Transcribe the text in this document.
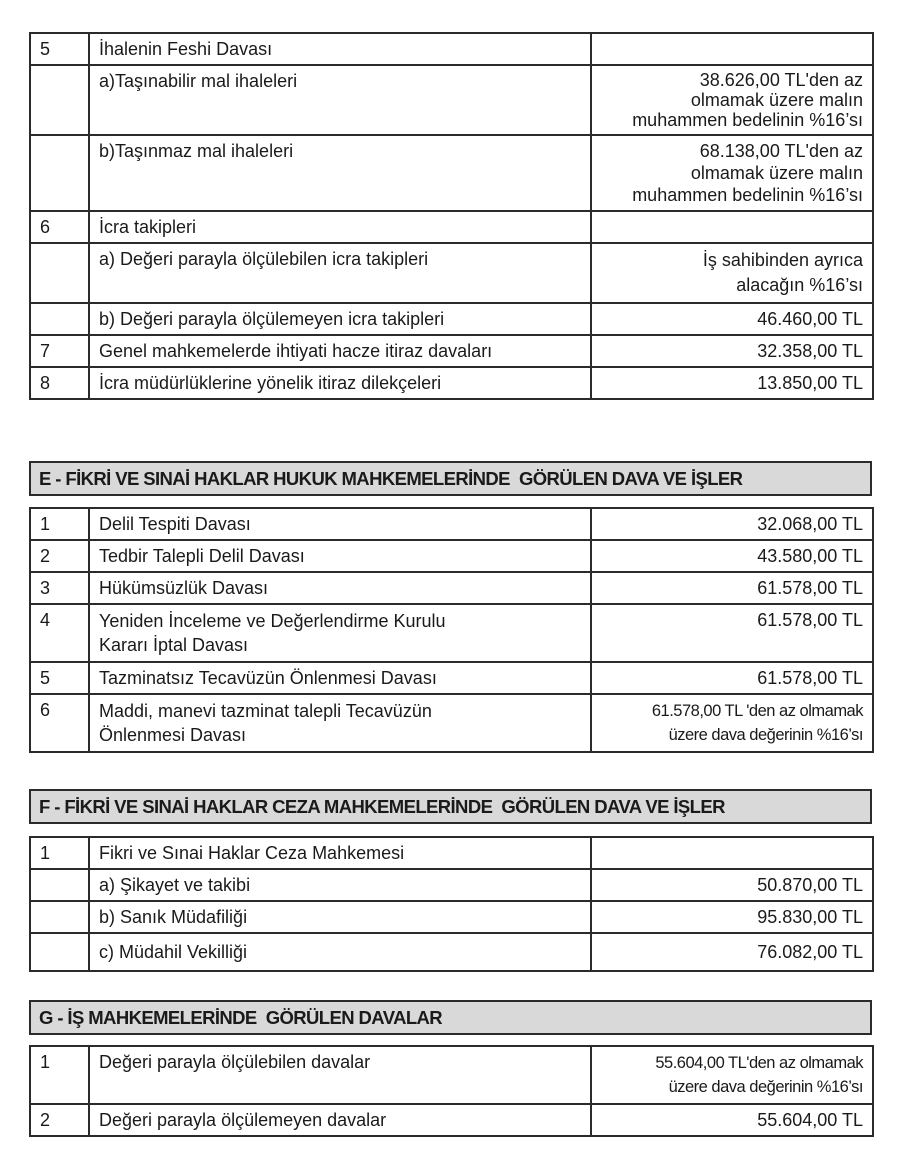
5	İhalenin Feshi Davası	
	a)Taşınabilir mal ihaleleri	38.626,00 TL'den az
olmamak üzere malın
muhammen bedelinin %16’sı
	b)Taşınmaz mal ihaleleri	68.138,00 TL'den az
olmamak üzere malın
muhammen bedelinin %16’sı
6	İcra takipleri	
	a) Değeri parayla ölçülebilen icra takipleri	İş sahibinden ayrıca
alacağın %16’sı
	b) Değeri parayla ölçülemeyen icra takipleri	46.460,00 TL
7	Genel mahkemelerde ihtiyati hacze itiraz davaları	32.358,00 TL
8	İcra müdürlüklerine yönelik itiraz dilekçeleri	13.850,00 TL
E - FİKRİ VE SINAİ HAKLAR HUKUK MAHKEMELERİNDE  GÖRÜLEN DAVA VE İŞLER
1	Delil Tespiti Davası	32.068,00 TL
2	Tedbir Talepli Delil Davası	43.580,00 TL
3	Hükümsüzlük Davası	61.578,00 TL
4	Yeniden İnceleme ve Değerlendirme Kurulu
Kararı İptal Davası	61.578,00 TL
5	Tazminatsız Tecavüzün Önlenmesi Davası	61.578,00 TL
6	Maddi, manevi tazminat talepli Tecavüzün
Önlenmesi Davası	61.578,00 TL 'den az olmamak
üzere dava değerinin %16’sı
F - FİKRİ VE SINAİ HAKLAR CEZA MAHKEMELERİNDE  GÖRÜLEN DAVA VE İŞLER
1	Fikri ve Sınai Haklar Ceza Mahkemesi	
	a) Şikayet ve takibi	50.870,00 TL
	b) Sanık Müdafiliği	95.830,00 TL
	c) Müdahil Vekilliği	76.082,00 TL
G - İŞ MAHKEMELERİNDE  GÖRÜLEN DAVALAR
1	Değeri parayla ölçülebilen davalar	55.604,00 TL'den az olmamak
üzere dava değerinin %16’sı
2	Değeri parayla ölçülemeyen davalar	55.604,00 TL
